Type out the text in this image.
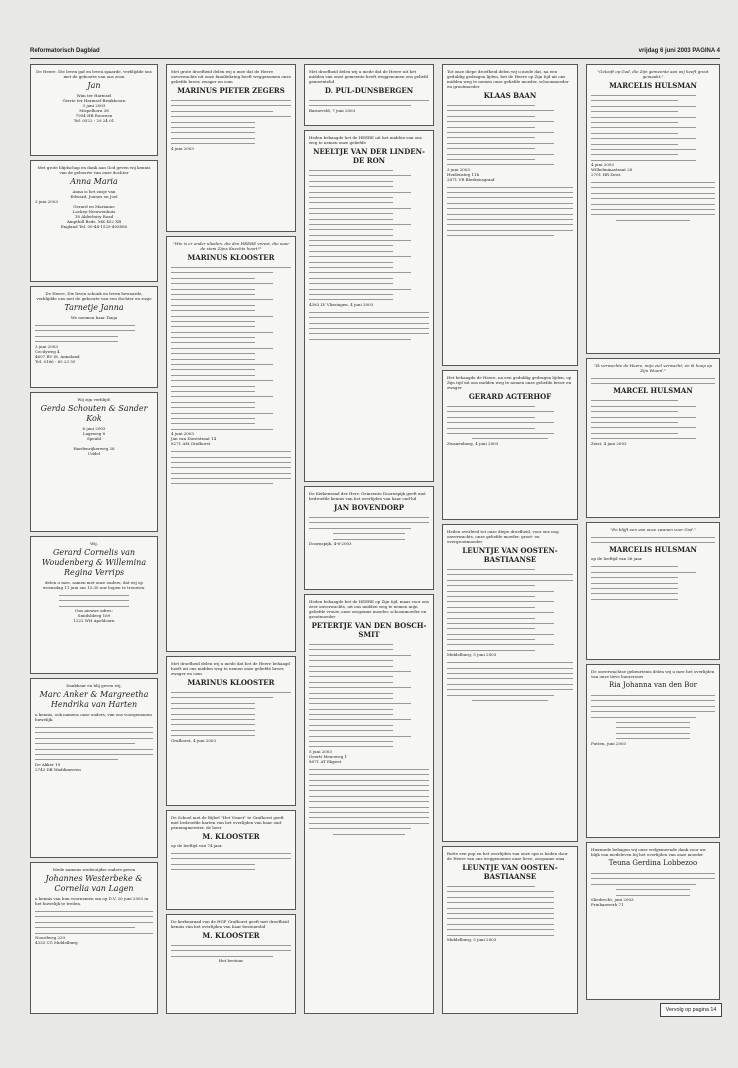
Reformatorisch Dagblad	vrijdag 6 juni 2003 PAGINA 4
De Heere. Die leven gaf en leven spaarde, verblijdde ons met de geboorte van ons zoon
Jan
Wim ter Harmsel
Gerrie ter Harmsel-Brinkhoorn
3 juni 2003
Mispelhorn 38
7954 HB Rouveen
Tel. 0522 - 29 24 01
Met grote blijdschap en dank aan God geven wij kennis van de geboorte van onze dochter
Anna Maria
Anna is het zusje van
Edward, Jonnes en Joel
3 juni 2003
Gerard en Marianne
Lockey-Nieuwenhuis
18 Alderbury Road
Ampthill Beds. MK 452 XB
England Tel. 00-44-1525-405880
De Heere, Die leven schonk en leven bewaarde, verblijdde ons met de geboorte van een dochter en zusje
Tarnetje Janna
We noemen haar Tanja
3 juni 2003
Cecilyweg 4
4697 RV St. Annaland
Tel. 0166 - 65 23 55
Wij zijn verblijd!
Gerda Schouten & Sander Kok
6 juni 2003
Lageweg 8
Speuld

Hardenrijkerweg 28
Uddel
Wij,
Gerard Cornelis van Woudenberg & Willemina Regina Verrips
delen u mee, samen met onze ouders, dat wij op woensdag 11 juni om 13.30 uur hopen te trouwen.
Ons nieuwe adres:
Smidsbleeg 169
1222 WH Apeldoorn
Dankbaar en blij geven wij,
Marc Anker & Margreetha Hendrika van Harten
u kennis, ook namens onze ouders, van ons voorgenomen huwelijk.
De Akker 19
2743 DB Waddinxveen
Mede namens wederzijdse ouders geven
Johannes Westerbeke & Cornelia van Lagen
u kennis van hun voornemen om op D.V. 20 juni 2003 in het huwelijk te treden.
Noordweg 229
4333 CG Middelburg
Met grote droefheid delen wij u mee dat de Heere onverwachts uit onze familiekring heeft weggenomen onze geliefde broer, zwager en oom
MARINUS PIETER ZEGERS
4 juni 2003
"Wie is er onder ulieden, die den HEERE vreest, die naar de stem Zijns Knechts hoort?"
MARINUS KLOOSTER
4 juni 2003
Jan van Dieststraat 14
8271 AM Grafhorst
Met droefheid delen wij u mede dat het de Heere behaagd heeft uit ons midden weg te nemen onze geliefde broer, zwager en oom
MARINUS KLOOSTER
Grafhorst, 4 juni 2003
De School met de Bijbel "Het Visnet" te Grafhorst geeft met bedroefde harten van het overlijden van haar oud-penningmeester, de heer
M. KLOOSTER
op de leeftijd van 74 jaar.
De kerkenraad van de HGP Grafhorst geeft met droefheid kennis van het overlijden van haar bestuurslid
M. KLOOSTER
Het bestuur
Met droefheid delen wij u mede dat de Heere uit het midden van onze gemeente heeft weggenomen ons geliefd gemeentelid
D. PUL-DUNSBERGEN
Barneveld, 7 juni 2003
Heden behaagde het de HEERE uit het midden van ons weg te nemen onze geliefde
NEELTJE VAN DER LINDEN-DE RON
4383 LV Vlissingen, 4 juni 2003
De Kerkenraad der Herv. Gemeente Doornspijk geeft met bedroefde kennis van het overlijden van haar oud-lid
JAN BOVENDORP
Doornspijk, 4-6-2003
Heden behaagde het de HEERE op Zijn tijd, maar voor ons zeer onverwachts, uit ons midden weg te nemen mijn geliefde vrouw, onze zorgzame moeder, schoonmoeder en grootmoeder
PETERTJE VAN DEN BOSCH-SMIT
5 juni 2003
Geertt Menoweg 1
8871 AT Ekpeet
Tot onze diepe droefheid delen wij u mede dat, na een geduldig gedragen lijden, het de Heere op Zijn tijd uit ons midden weg te nemen onze geliefde moeder, schoonmoeder en grootmoeder
KLAAS BAAN
3 juni 2003
Heidensteg 11b
2871 VR Bleskensgraaf
Het behaagde de Heere, na een geduldig gedragen lijden, op Zijn tijd uit ons midden weg te nemen onze geliefde broer en zwager
GERARD AGTERHOF
Zwanenburg, 4 juni 2003
Heden overleed tot onze diepe droefheid, voor ons nog onverwachts, onze geliefde moeder, groot- en overgrootmoeder
LEUNTJE VAN OOSTEN-BASTIAANSE
Middelburg, 5 juni 2003
Rotte een pop en het overlijden van onze opa is heden door de Heere van ons weggenomen onze lieve, zorgzame oma
LEUNTJE VAN OOSTEN-BASTIAANSE
Middelburg, 5 juni 2003
"Gelooft op God, die Zijn gemeente aan wij heeft groot gemaakt."
MARCELIS HULSMAN
4 juni 2003
Wilhelminastraat 28
2701 HR Zeist
"Ik verwachte de Heere, mijn ziel verwacht; en ik hoop op Zijn Woord."
MARCEL HULSMAN
Zeist, 4 juni 2003
"En blijft een van onze zwanen voor God."
MARCELIS HULSMAN
op de leeftijd van 56 jaar.
De onverwachtse gebeurtenis delen wij u mee het overlijden van onze lieve buurvrouw
Ria Johanna van den Bor
Putten, juni 2003
Hiermede behagen wij onze welgemeende dank voor uw blijk van medeleven bij het overlijden van onze moeder
Teuna Gerdina Lobbezoo
Sliedrecht, juni 2003
Prinhanwerk 71
Vervolg op pagina 14
